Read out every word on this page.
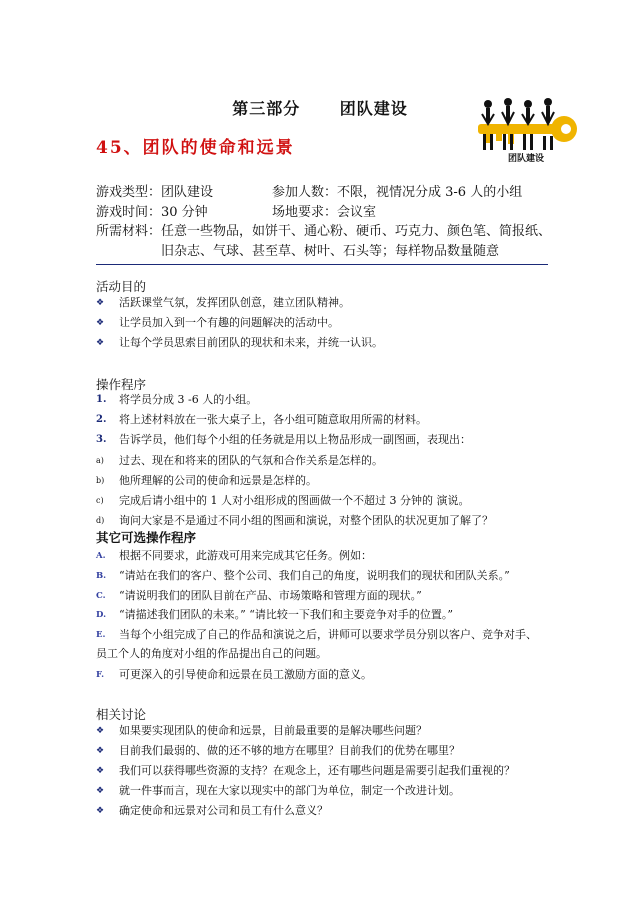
第三部分      团队建设
团队建设
45、团队的使命和远景
游戏类型：团队建设	参加人数：不限，视情况分成 3-6 人的小组
游戏时间：30 分钟	场地要求：会议室
所需材料：任意一些物品，如饼干、通心粉、硬币、巧克力、颜色笔、简报纸、
旧杂志、气球、甚至草、树叶、石头等；每样物品数量随意
活动目的
❖	活跃课堂气氛，发挥团队创意，建立团队精神。
❖	让学员加入到一个有趣的问题解决的活动中。
❖	让每个学员思索目前团队的现状和未来，并统一认识。
操作程序
1.	将学员分成 3 -6 人的小组。
2.	将上述材料放在一张大桌子上，各小组可随意取用所需的材料。
3.	告诉学员，他们每个小组的任务就是用以上物品形成一副图画，表现出：
a)	过去、现在和将来的团队的气氛和合作关系是怎样的。
b)	他所理解的公司的使命和远景是怎样的。
c)	完成后请小组中的 1 人对小组形成的图画做一个不超过 3 分钟的 演说。
d)	询问大家是不是通过不同小组的图画和演说，对整个团队的状况更加了解了？
其它可选操作程序
A.	根据不同要求，此游戏可用来完成其它任务。例如：
B.	“请站在我们的客户、整个公司、我们自己的角度，说明我们的现状和团队关系。”
C.	“请说明我们的团队目前在产品、市场策略和管理方面的现状。”
D.	“请描述我们团队的未来。” “请比较一下我们和主要竞争对手的位置。”
E.	当每个小组完成了自己的作品和演说之后，讲师可以要求学员分别以客户、竞争对手、
员工个人的角度对小组的作品提出自己的问题。
F.	可更深入的引导使命和远景在员工激励方面的意义。
相关讨论
❖	如果要实现团队的使命和远景，目前最重要的是解决哪些问题？
❖	目前我们最弱的、做的还不够的地方在哪里？目前我们的优势在哪里？
❖	我们可以获得哪些资源的支持？在观念上，还有哪些问题是需要引起我们重视的？
❖	就一件事而言，现在大家以现实中的部门为单位，制定一个改进计划。
❖	确定使命和远景对公司和员工有什么意义？
